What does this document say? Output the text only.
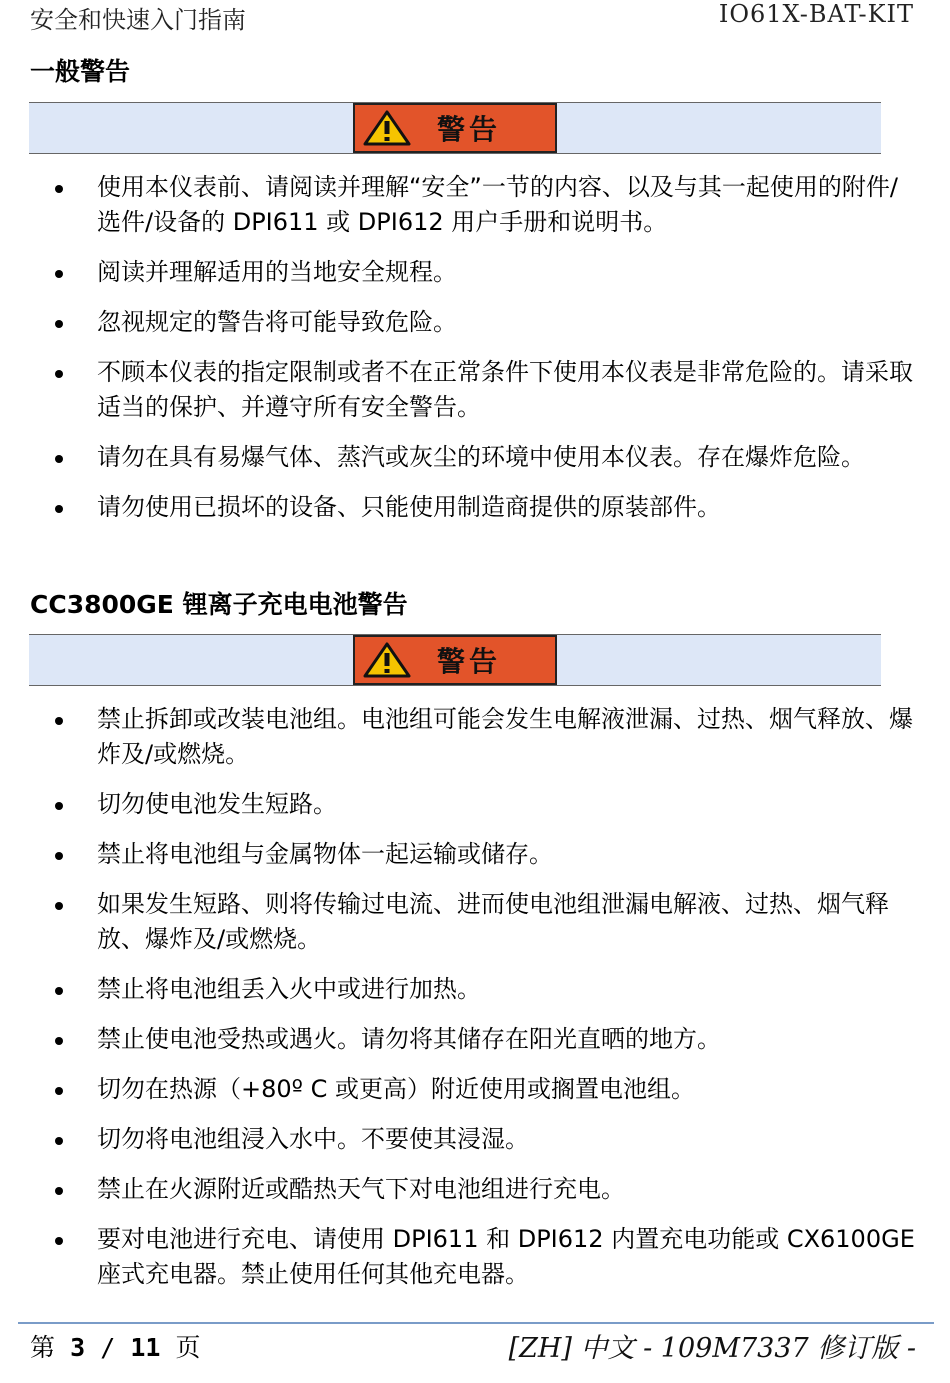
安全和快速入门指南	IO61X-BAT-KIT
一般警告
警告
使用本仪表前、请阅读并理解“安全”一节的内容、以及与其一起使用的附件/选件/设备的 DPI611 或 DPI612 用户手册和说明书。
阅读并理解适用的当地安全规程。
忽视规定的警告将可能导致危险。
不顾本仪表的指定限制或者不在正常条件下使用本仪表是非常危险的。请采取适当的保护、并遵守所有安全警告。
请勿在具有易爆气体、蒸汽或灰尘的环境中使用本仪表。存在爆炸危险。
请勿使用已损坏的设备、只能使用制造商提供的原装部件。
CC3800GE 锂离子充电电池警告
警告
禁止拆卸或改装电池组。电池组可能会发生电解液泄漏、过热、烟气释放、爆炸及/或燃烧。
切勿使电池发生短路。
禁止将电池组与金属物体一起运输或储存。
如果发生短路、则将传输过电流、进而使电池组泄漏电解液、过热、烟气释放、爆炸及/或燃烧。
禁止将电池组丢入火中或进行加热。
禁止使电池受热或遇火。请勿将其储存在阳光直晒的地方。
切勿在热源（+80º C 或更高）附近使用或搁置电池组。
切勿将电池组浸入水中。不要使其浸湿。
禁止在火源附近或酷热天气下对电池组进行充电。
要对电池进行充电、请使用 DPI611 和 DPI612 内置充电功能或 CX6100GE 座式充电器。禁止使用任何其他充电器。
第 3 / 11 页	[ZH] 中文 - 109M7337 修订版 -
